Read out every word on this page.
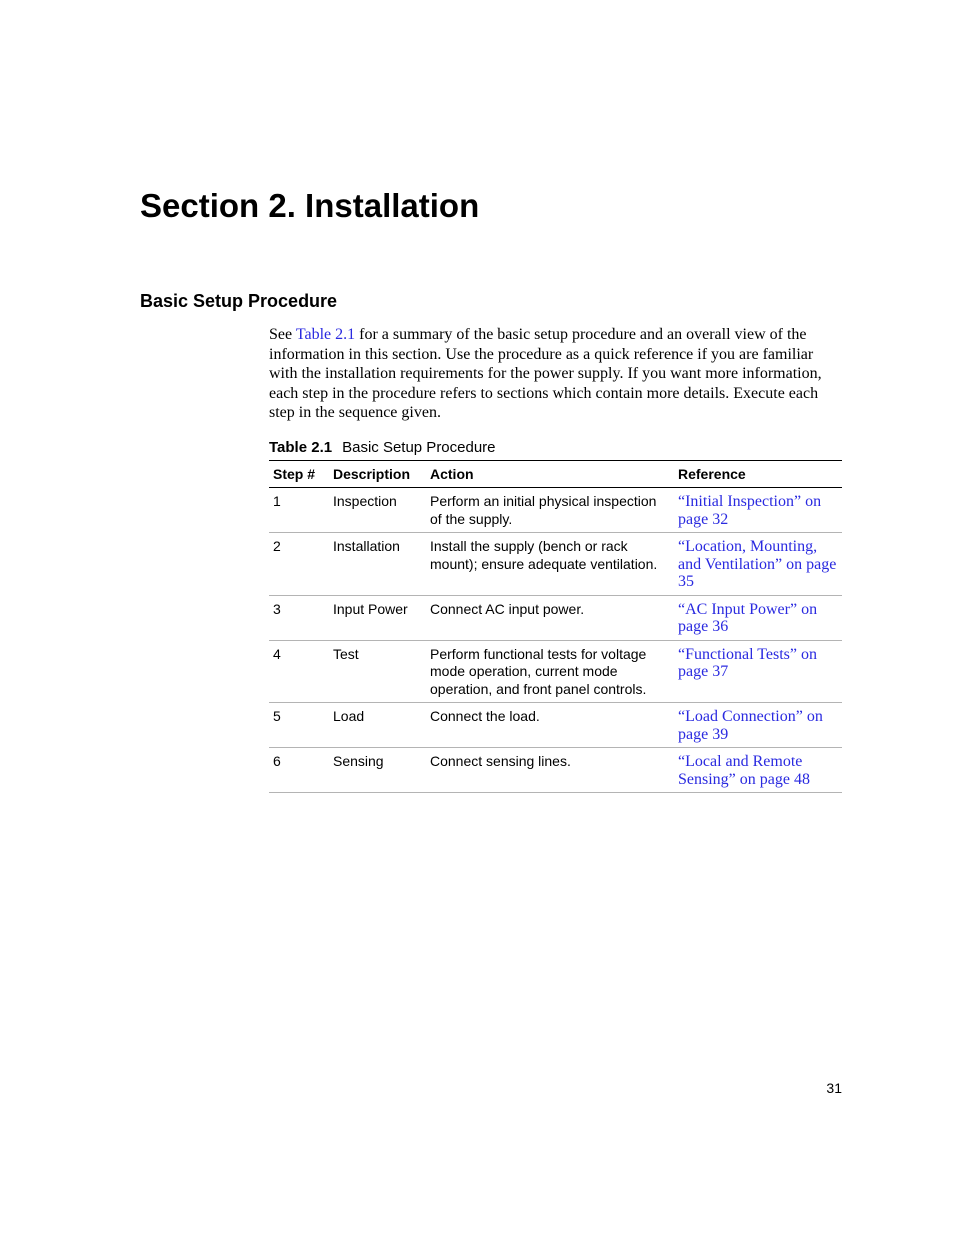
Section 2. Installation
Basic Setup Procedure

See Table 2.1 for a summary of the basic setup procedure and an overall view of the information in this section. Use the procedure as a quick reference if you are familiar with the installation requirements for the power supply. If you want more information, each step in the procedure refers to sections which contain more details. Execute each step in the sequence given.

Table 2.1 Basic Setup Procedure

Step #	Description	Action	Reference
1	Inspection	Perform an initial physical inspection of the supply.	“Initial Inspection” on page 32
2	Installation	Install the supply (bench or rack mount); ensure adequate ventilation.	“Location, Mounting, and Ventilation” on page 35
3	Input Power	Connect AC input power.	“AC Input Power” on page 36
4	Test	Perform functional tests for voltage mode operation, current mode operation, and front panel controls.	“Functional Tests” on page 37
5	Load	Connect the load.	“Load Connection” on page 39
6	Sensing	Connect sensing lines.	“Local and Remote Sensing” on page 48

31
